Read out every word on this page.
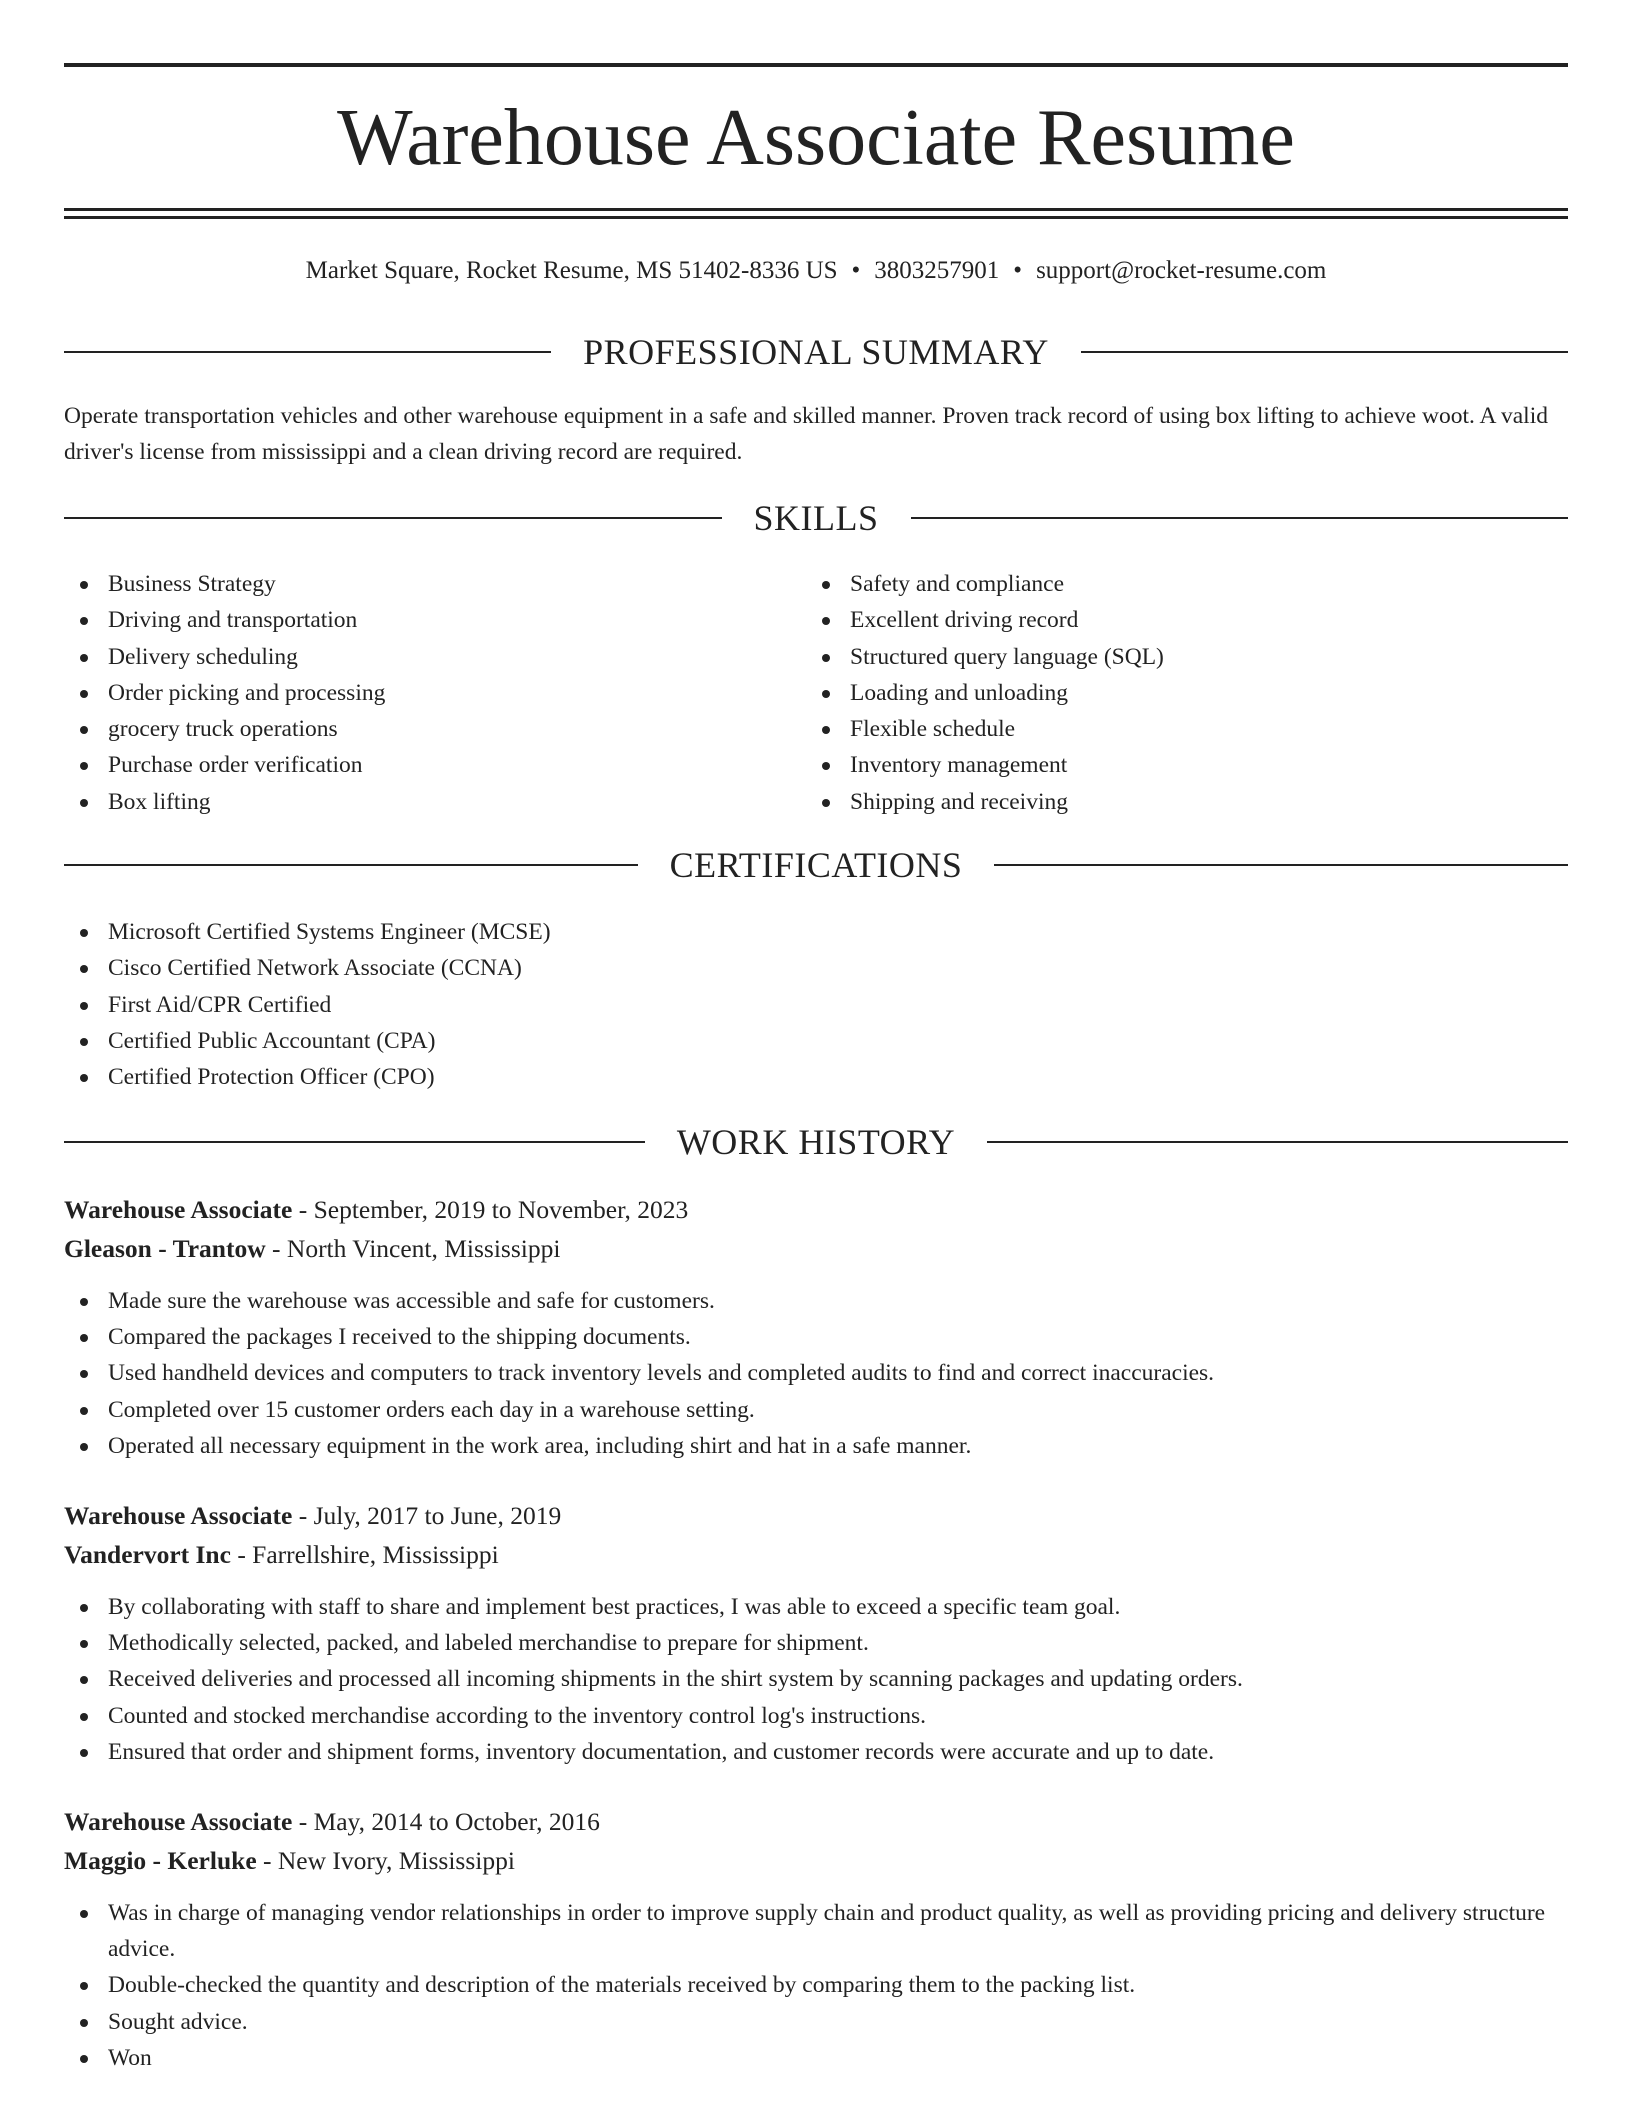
Warehouse Associate Resume
Market Square, Rocket Resume, MS 51402-8336 US • 3803257901 • support@rocket-resume.com
PROFESSIONAL SUMMARY

Operate transportation vehicles and other warehouse equipment in a safe and skilled manner. Proven track record of using box lifting to achieve woot. A valid driver's license from mississippi and a clean driving record are required.

SKILLS
Business Strategy
Driving and transportation
Delivery scheduling
Order picking and processing
grocery truck operations
Purchase order verification
Box lifting
Safety and compliance
Excellent driving record
Structured query language (SQL)
Loading and unloading
Flexible schedule
Inventory management
Shipping and receiving
CERTIFICATIONS
Microsoft Certified Systems Engineer (MCSE)
Cisco Certified Network Associate (CCNA)
First Aid/CPR Certified
Certified Public Accountant (CPA)
Certified Protection Officer (CPO)
WORK HISTORY
Warehouse Associate - September, 2019 to November, 2023
Gleason - Trantow - North Vincent, Mississippi
Made sure the warehouse was accessible and safe for customers.
Compared the packages I received to the shipping documents.
Used handheld devices and computers to track inventory levels and completed audits to find and correct inaccuracies.
Completed over 15 customer orders each day in a warehouse setting.
Operated all necessary equipment in the work area, including shirt and hat in a safe manner.
Warehouse Associate - July, 2017 to June, 2019
Vandervort Inc - Farrellshire, Mississippi
By collaborating with staff to share and implement best practices, I was able to exceed a specific team goal.
Methodically selected, packed, and labeled merchandise to prepare for shipment.
Received deliveries and processed all incoming shipments in the shirt system by scanning packages and updating orders.
Counted and stocked merchandise according to the inventory control log's instructions.
Ensured that order and shipment forms, inventory documentation, and customer records were accurate and up to date.
Warehouse Associate - May, 2014 to October, 2016
Maggio - Kerluke - New Ivory, Mississippi
Was in charge of managing vendor relationships in order to improve supply chain and product quality, as well as providing pricing and delivery structure advice.
Double-checked the quantity and description of the materials received by comparing them to the packing list.
Sought advice.
Won
